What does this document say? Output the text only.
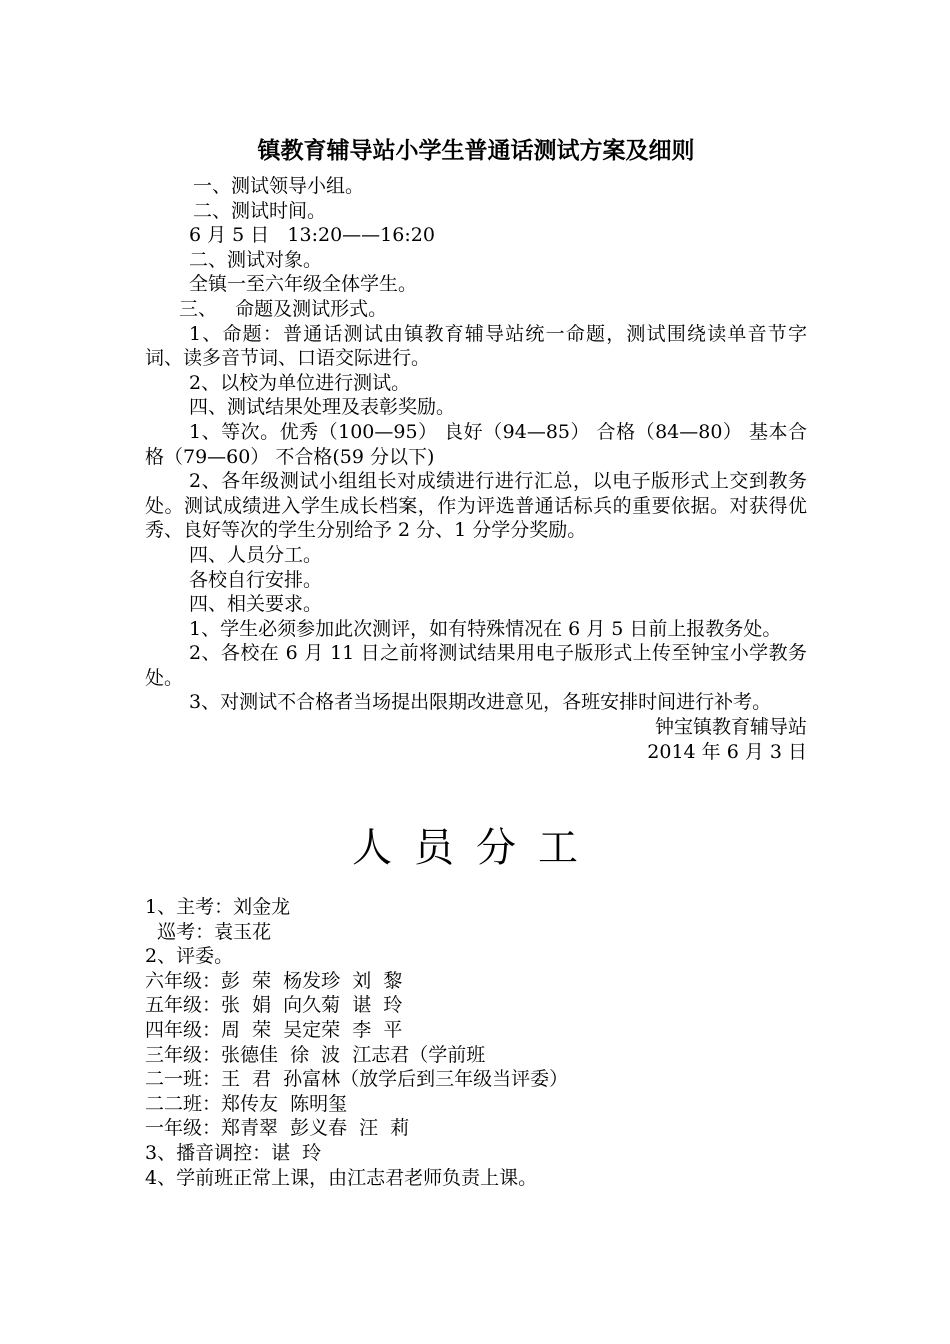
镇教育辅导站小学生普通话测试方案及细则
一、测试领导小组。
二、测试时间。
6 月 5 日   13:20——16:20
二、测试对象。
全镇一至六年级全体学生。
三、   命题及测试形式。
1、命题：普通话测试由镇教育辅导站统一命题，测试围绕读单音节字词、读多音节词、口语交际进行。
2、以校为单位进行测试。
四、测试结果处理及表彰奖励。
1、等次。优秀（100—95） 良好（94—85） 合格（84—80） 基本合格（79—60） 不合格(59 分以下)
2、各年级测试小组组长对成绩进行进行汇总，以电子版形式上交到教务处。测试成绩进入学生成长档案，作为评选普通话标兵的重要依据。对获得优秀、良好等次的学生分别给予 2 分、1 分学分奖励。
四、人员分工。
各校自行安排。
四、相关要求。
1、学生必须参加此次测评，如有特殊情况在 6 月 5 日前上报教务处。
2、各校在 6 月 11 日之前将测试结果用电子版形式上传至钟宝小学教务处。
3、对测试不合格者当场提出限期改进意见，各班安排时间进行补考。
钟宝镇教育辅导站
2014 年 6 月 3 日
人员分工
1、主考：刘金龙
巡考：袁玉花
2、评委。
六年级：彭  荣  杨发珍  刘  黎
五年级：张  娟  向久菊  谌  玲
四年级：周  荣  吴定荣  李  平
三年级：张德佳  徐  波  江志君（学前班
二一班：王  君  孙富林（放学后到三年级当评委）
二二班：郑传友  陈明玺
一年级：郑青翠  彭义春  汪  莉
3、播音调控：谌  玲
4、学前班正常上课，由江志君老师负责上课。
